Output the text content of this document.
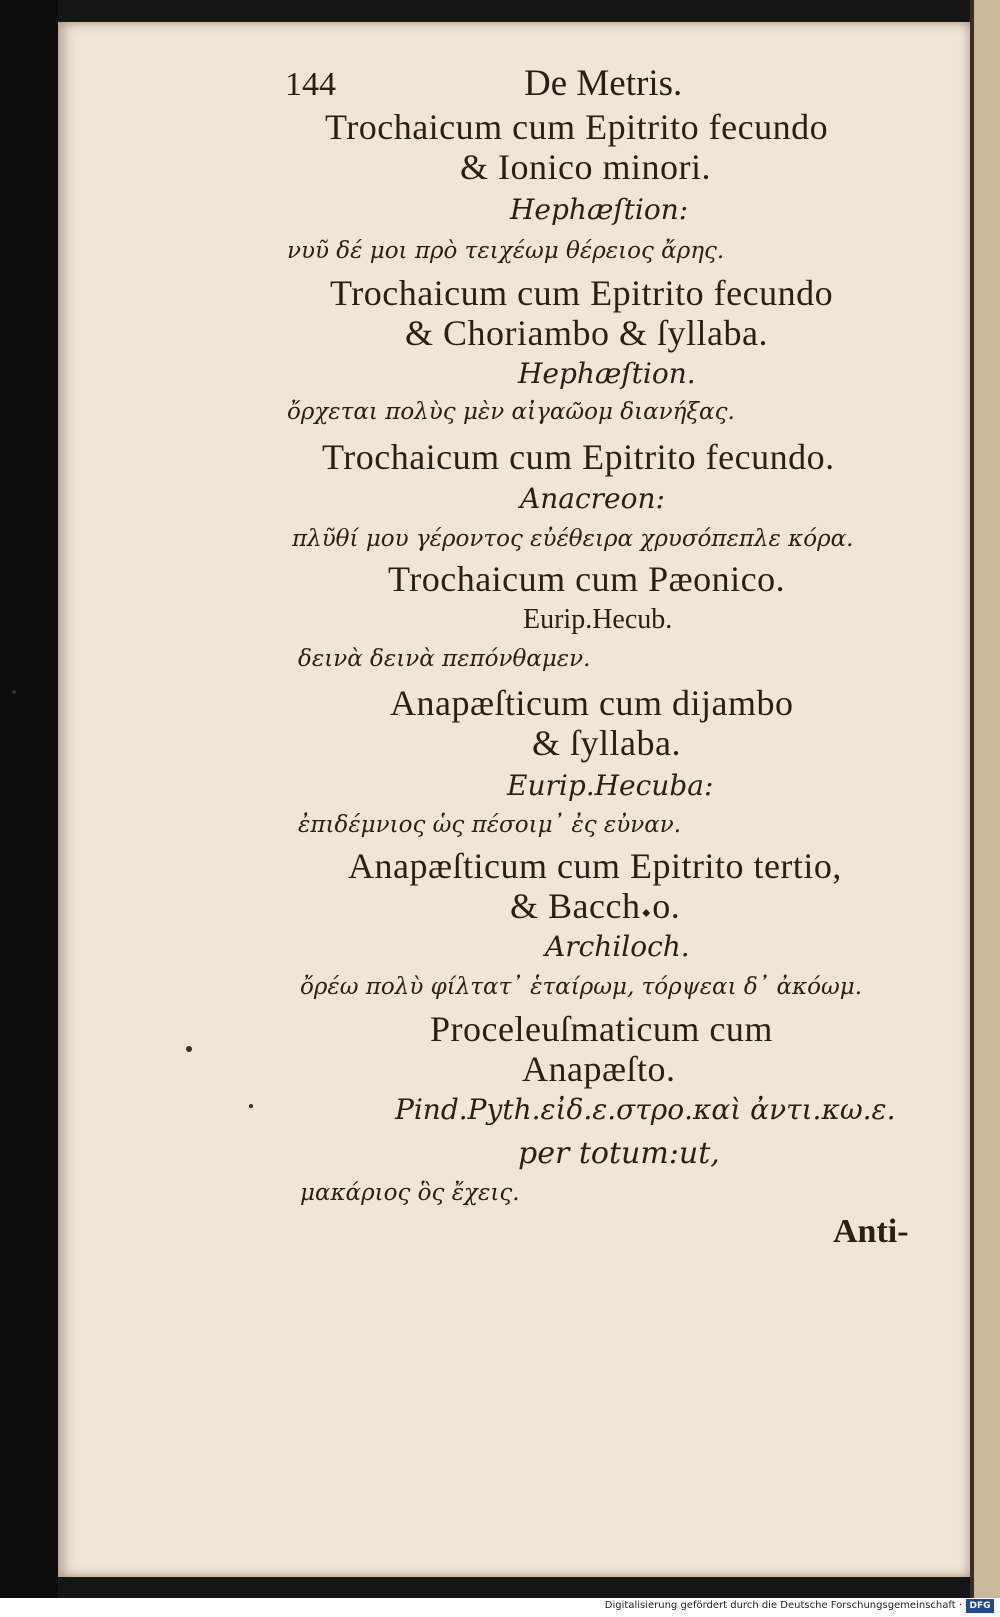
144	De Metris.
Trochaicum cum Epitrito fecundo
& Ionico minori.
Hephæſtion:
νυῦ δέ μοι πρὸ τειχέωμ θέρειος ἄρης.
Trochaicum cum Epitrito fecundo
& Choriambo & ſyllaba.
Hephæſtion.
ὄρχεται πολὺς μὲν αἰγαῶομ διανήξας.
Trochaicum cum Epitrito fecundo.
Anacreon:
πλῦθί μου γέροντος εὐέθειρα χρυσόπεπλε κόρα.
Trochaicum cum Pæonico.
Eurip.Hecub.
δεινὰ δεινὰ πεπόνθαμεν.
Anapæſticum cum dijambo
& ſyllaba.
Eurip.Hecuba:
ἐπιδέμνιος ὡς πέσοιμ᾽ ἐς εὐναν.
Anapæſticum cum Epitrito tertio,
& Bacch𝆺o.
Archiloch.
ὄρέω πολὺ φίλτατ᾽ ἑταίρωμ, τόρψεαι δ᾽ ἀκόωμ.
Proceleuſmaticum cum
Anapæſto.
Pind.Pyth.εἰδ.ε.στρο.καὶ ἀντι.κω.ε.
per totum:ut,
μακάριος ὃς ἔχεις.
Anti-
Digitalisierung gefördert durch die Deutsche Forschungsgemeinschaft · DFG
